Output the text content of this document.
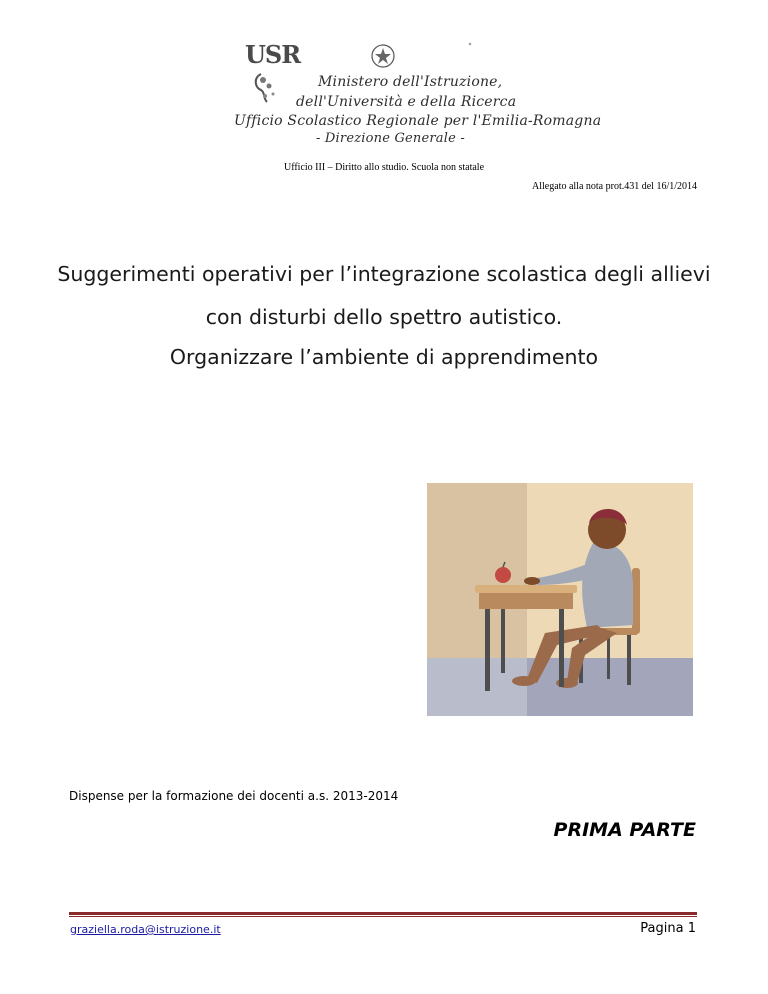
USR
Ministero dell'Istruzione,
dell'Università e della Ricerca
Ufficio Scolastico Regionale per l'Emilia-Romagna
- Direzione Generale -
Ufficio III – Diritto allo studio. Scuola non statale
Allegato alla nota prot.431 del 16/1/2014
Suggerimenti operativi per l’integrazione scolastica degli allievi
con disturbi dello spettro autistico.
Organizzare l’ambiente di apprendimento
Dispense per la formazione dei docenti a.s. 2013-2014
PRIMA PARTE
graziella.roda@istruzione.it	Pagina 1
